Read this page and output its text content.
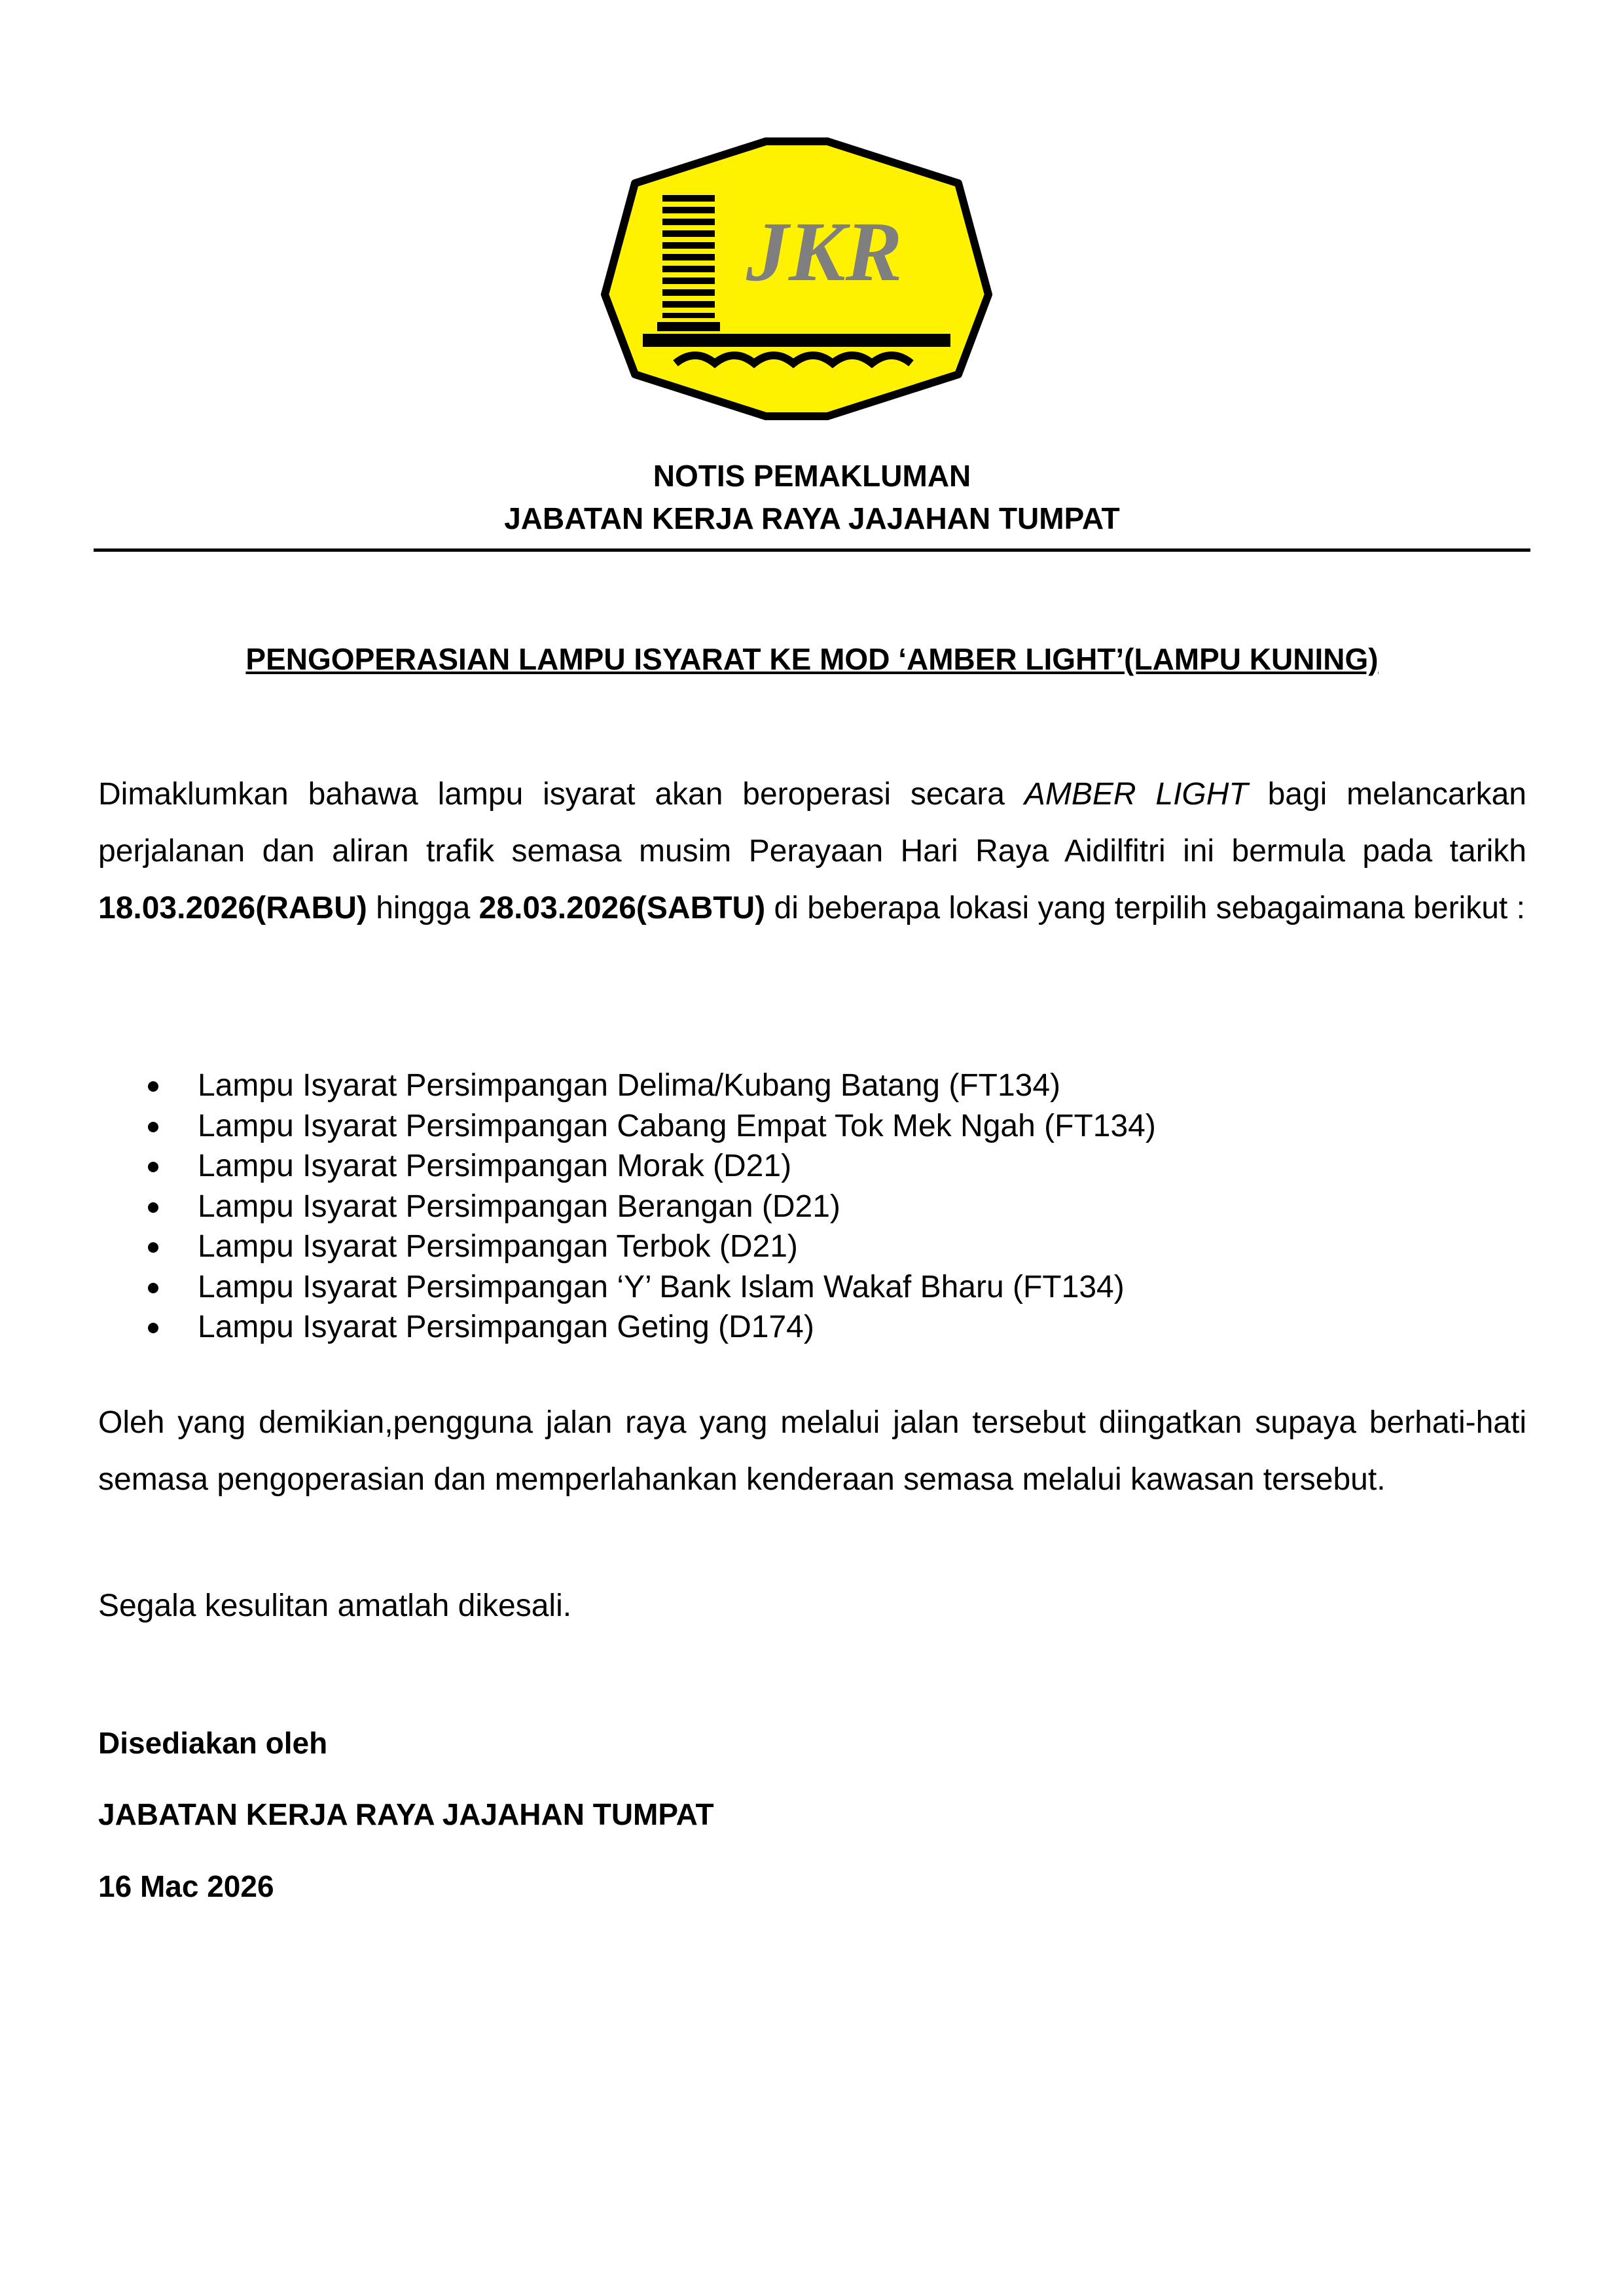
JKR
NOTIS PEMAKLUMAN
JABATAN KERJA RAYA JAJAHAN TUMPAT
PENGOPERASIAN LAMPU ISYARAT KE MOD ‘AMBER LIGHT’(LAMPU KUNING)
Dimaklumkan bahawa lampu isyarat akan beroperasi secara AMBER LIGHT bagi melancarkan perjalanan dan aliran trafik semasa musim Perayaan Hari Raya Aidilfitri ini bermula pada tarikh 18.03.2026(RABU) hingga 28.03.2026(SABTU) di beberapa lokasi yang terpilih sebagaimana berikut :
Lampu Isyarat Persimpangan Delima/Kubang Batang (FT134)
Lampu Isyarat Persimpangan Cabang Empat Tok Mek Ngah (FT134)
Lampu Isyarat Persimpangan Morak (D21)
Lampu Isyarat Persimpangan Berangan (D21)
Lampu Isyarat Persimpangan Terbok (D21)
Lampu Isyarat Persimpangan ‘Y’ Bank Islam Wakaf Bharu (FT134)
Lampu Isyarat Persimpangan Geting (D174)
Oleh yang demikian,pengguna jalan raya yang melalui jalan tersebut diingatkan supaya berhati-hati semasa pengoperasian dan memperlahankan kenderaan semasa melalui kawasan tersebut.
Segala kesulitan amatlah dikesali.
Disediakan oleh
JABATAN KERJA RAYA JAJAHAN TUMPAT
16 Mac 2026
